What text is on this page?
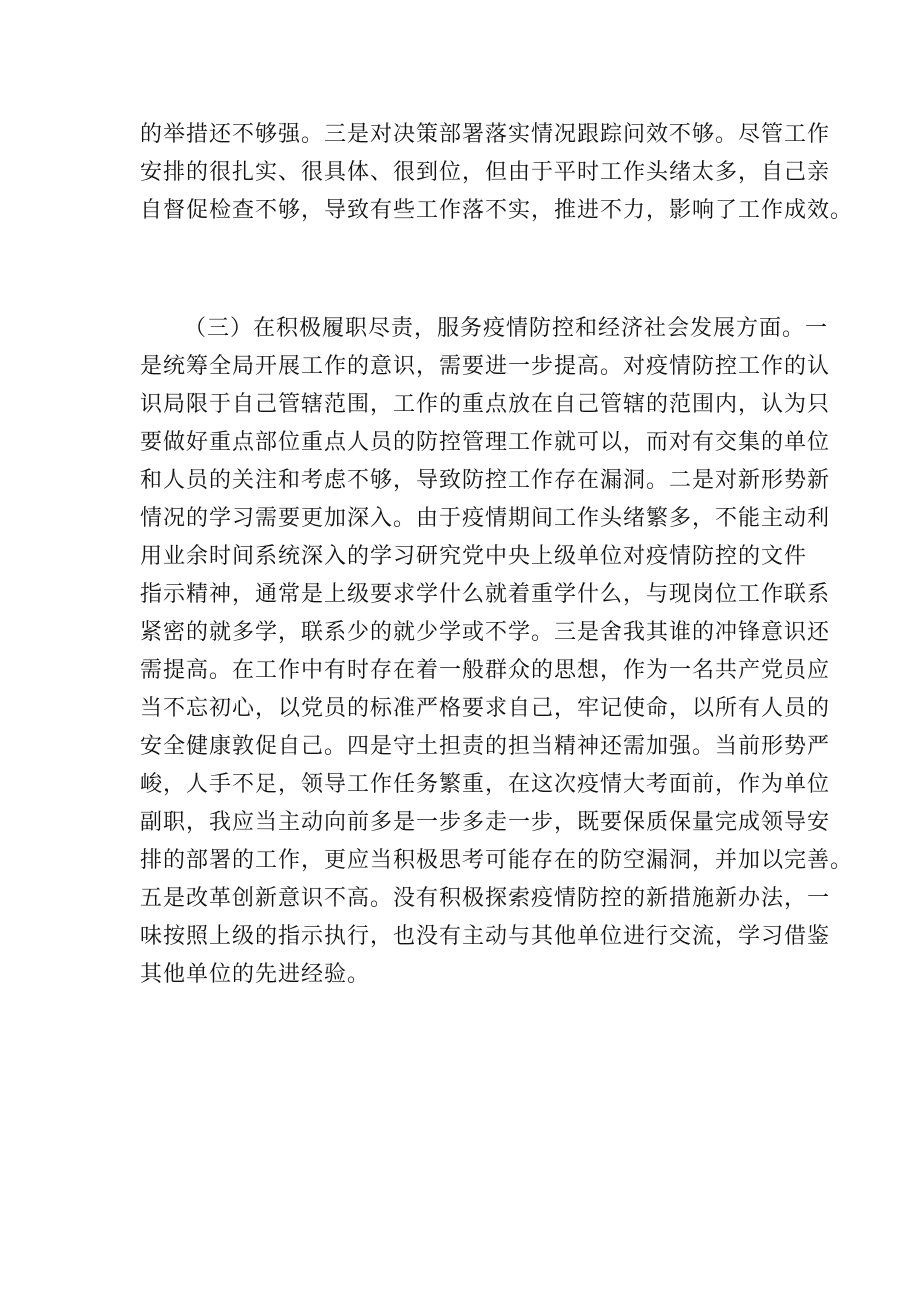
的举措还不够强。三是对决策部署落实情况跟踪问效不够。尽管工作
安排的很扎实、很具体、很到位，但由于平时工作头绪太多，自己亲
自督促检查不够，导致有些工作落不实，推进不力，影响了工作成效。

（三）在积极履职尽责，服务疫情防控和经济社会发展方面。一
是统筹全局开展工作的意识，需要进一步提高。对疫情防控工作的认
识局限于自己管辖范围，工作的重点放在自己管辖的范围内，认为只
要做好重点部位重点人员的防控管理工作就可以，而对有交集的单位
和人员的关注和考虑不够，导致防控工作存在漏洞。二是对新形势新
情况的学习需要更加深入。由于疫情期间工作头绪繁多，不能主动利
用业余时间系统深入的学习研究党中央上级单位对疫情防控的文件
指示精神，通常是上级要求学什么就着重学什么，与现岗位工作联系
紧密的就多学，联系少的就少学或不学。三是舍我其谁的冲锋意识还
需提高。在工作中有时存在着一般群众的思想，作为一名共产党员应
当不忘初心，以党员的标准严格要求自己，牢记使命，以所有人员的
安全健康敦促自己。四是守土担责的担当精神还需加强。当前形势严
峻，人手不足，领导工作任务繁重，在这次疫情大考面前，作为单位
副职，我应当主动向前多是一步多走一步，既要保质保量完成领导安
排的部署的工作，更应当积极思考可能存在的防空漏洞，并加以完善。
五是改革创新意识不高。没有积极探索疫情防控的新措施新办法，一
味按照上级的指示执行，也没有主动与其他单位进行交流，学习借鉴
其他单位的先进经验。
